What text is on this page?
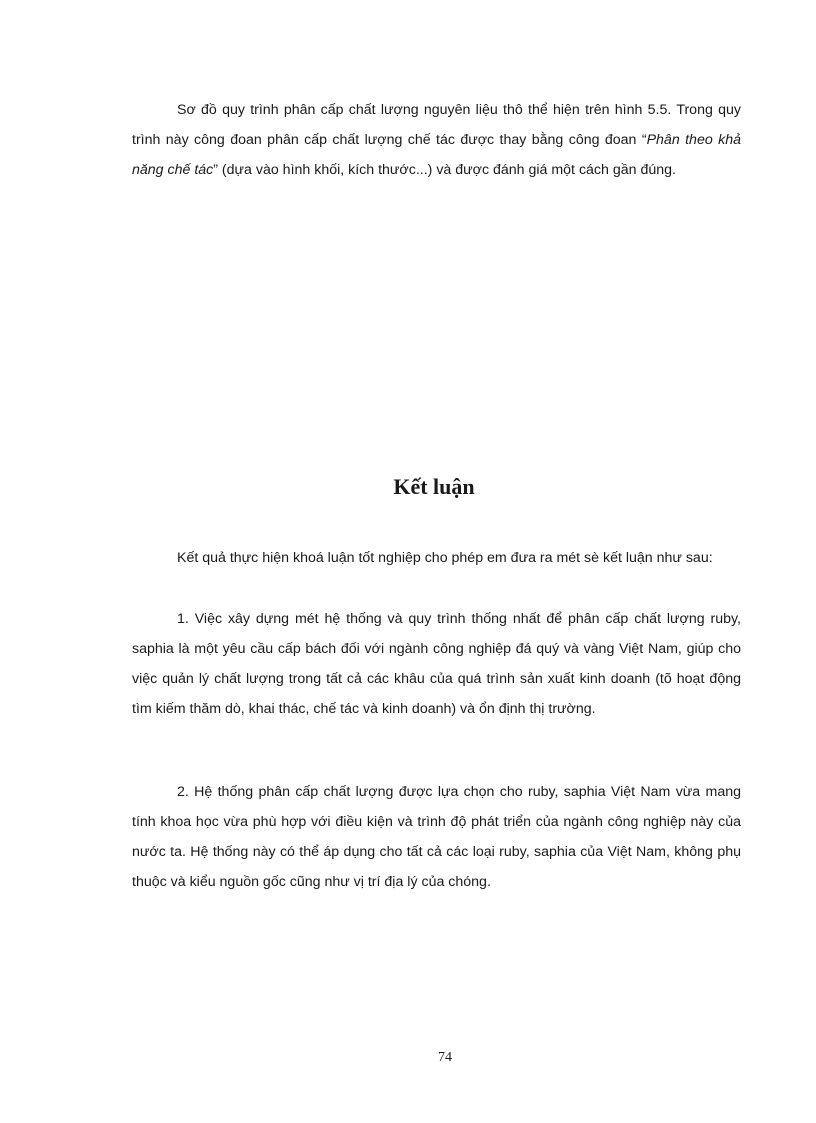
Sơ đồ quy trình phân cấp chất lượng nguyên liệu thô thể hiện trên hình 5.5. Trong quy trình này công đoan phân cấp chất lượng chế tác được thay bằng công đoan “Phân theo khả năng chế tác” (dựa vào hình khối, kích thước...) và được đánh giá một cách gần đúng.

Kết luận

Kết quả thực hiện khoá luận tốt nghiệp cho phép em đưa ra mét sè kết luận như sau:

1. Việc xây dựng mét hệ thống và quy trình thống nhất để phân cấp chất lượng ruby, saphia là một yêu cầu cấp bách đối với ngành công nghiệp đá quý và vàng Việt Nam, giúp cho việc quản lý chất lượng trong tất cả các khâu của quá trình sản xuất kinh doanh (tõ hoạt động tìm kiếm thăm dò, khai thác, chế tác và kinh doanh) và ổn định thị trường.

2. Hệ thống phân cấp chất lượng được lựa chọn cho ruby, saphia Việt Nam vừa mang tính khoa học vừa phù hợp với điều kiện và trình độ phát triển của ngành công nghiệp này của nước ta. Hệ thống này có thể áp dụng cho tất cả các loại ruby, saphia của Việt Nam, không phụ thuộc và kiểu nguồn gốc cũng như vị trí địa lý của chóng.

74
